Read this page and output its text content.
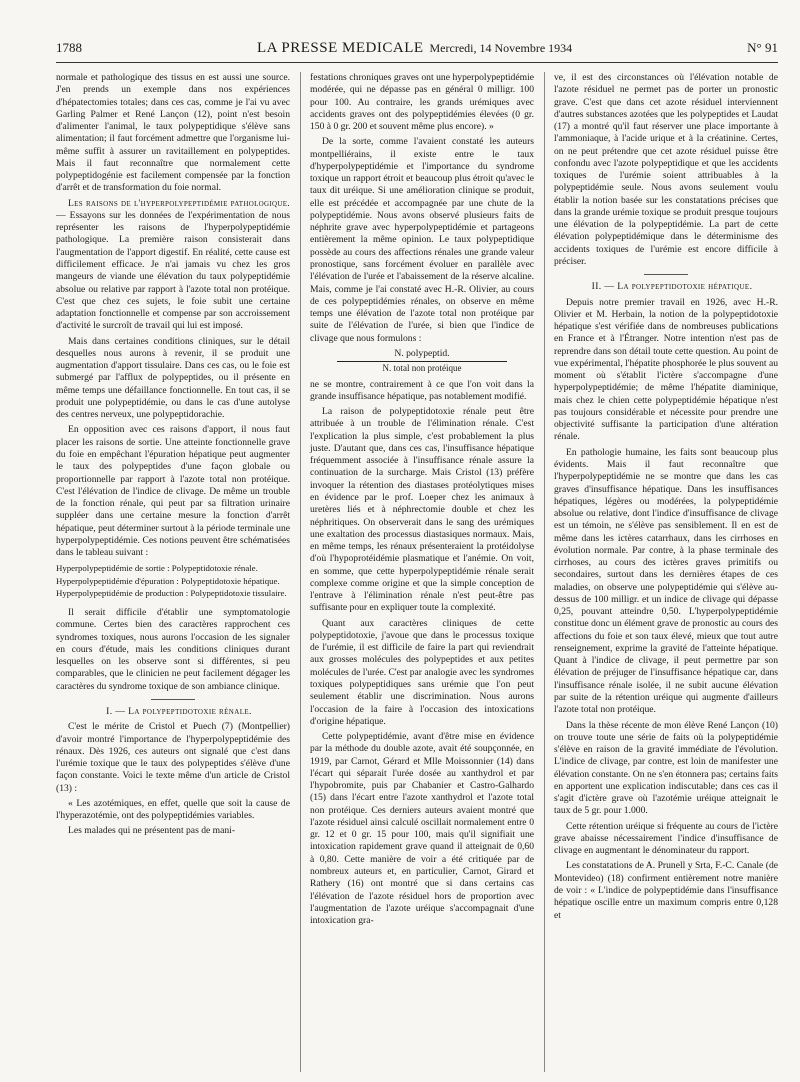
1788	LA PRESSE MEDICALE Mercredi, 14 Novembre 1934	N° 91

normale et pathologique des tissus en est aussi une source. J'en prends un exemple dans nos expériences d'hépatectomies totales; dans ces cas, comme je l'ai vu avec Garling Palmer et René Lançon (12), point n'est besoin d'alimenter l'animal, le taux polypeptidique s'élève sans alimentation; il faut forcément admettre que l'organisme lui-même suffit à assurer un ravitaillement en polypeptides. Mais il faut reconnaître que normalement cette polypeptidogénie est facilement compensée par la fonction d'arrêt et de transformation du foie normal.

Les raisons de l'hyperpolypeptidémie pathologique. — Essayons sur les données de l'expérimentation de nous représenter les raisons de l'hyperpolypeptidémie pathologique. La première raison consisterait dans l'augmentation de l'apport digestif. En réalité, cette cause est difficilement efficace. Je n'ai jamais vu chez les gros mangeurs de viande une élévation du taux polypeptidémie absolue ou relative par rapport à l'azote total non protéique. C'est que chez ces sujets, le foie subit une certaine adaptation fonctionnelle et compense par son accroissement d'activité le surcroît de travail qui lui est imposé.

Mais dans certaines conditions cliniques, sur le détail desquelles nous aurons à revenir, il se produit une augmentation d'apport tissulaire. Dans ces cas, ou le foie est submergé par l'afflux de polypeptides, ou il présente en même temps une défaillance fonctionnelle. En tout cas, il se produit une polypeptidémie, ou dans le cas d'une autolyse des centres nerveux, une polypeptidorachie.

En opposition avec ces raisons d'apport, il nous faut placer les raisons de sortie. Une atteinte fonctionnelle grave du foie en empêchant l'épuration hépatique peut augmenter le taux des polypeptides d'une façon globale ou proportionnelle par rapport à l'azote total non protéique. C'est l'élévation de l'indice de clivage. De même un trouble de la fonction rénale, qui peut par sa filtration urinaire suppléer dans une certaine mesure la fonction d'arrêt hépatique, peut déterminer surtout à la période terminale une hyperpolypeptidémie. Ces notions peuvent être schématisées dans le tableau suivant :

Hyperpolypeptidémie de sortie : Polypeptidotoxie rénale.
Hyperpolypeptidémie d'épuration : Polypeptidotoxie hépatique.
Hyperpolypeptidémie de production : Polypeptidotoxie tissulaire.

Il serait difficile d'établir une symptomatologie commune. Certes bien des caractères rapprochent ces syndromes toxiques, nous aurons l'occasion de les signaler en cours d'étude, mais les conditions cliniques durant lesquelles on les observe sont si différentes, si peu comparables, que le clinicien ne peut facilement dégager les caractères du syndrome toxique de son ambiance clinique.

I. — La polypeptidotoxie rénale.

C'est le mérite de Cristol et Puech (7) (Montpellier) d'avoir montré l'importance de l'hyperpolypeptidémie des rénaux. Dès 1926, ces auteurs ont signalé que c'est dans l'urémie toxique que le taux des polypeptides s'élève d'une façon constante. Voici le texte même d'un article de Cristol (13) :

« Les azotémiques, en effet, quelle que soit la cause de l'hyperazotémie, ont des polypeptidémies variables.

Les malades qui ne présentent pas de mani-

festations chroniques graves ont une hyperpolypeptidémie modérée, qui ne dépasse pas en général 0 milligr. 100 pour 100. Au contraire, les grands urémiques avec accidents graves ont des polypeptidémies élevées (0 gr. 150 à 0 gr. 200 et souvent même plus encore). »

De la sorte, comme l'avaient constaté les auteurs montpelliérains, il existe entre le taux d'hyperpolypeptidémie et l'importance du syndrome toxique un rapport étroit et beaucoup plus étroit qu'avec le taux dit uréique. Si une amélioration clinique se produit, elle est précédée et accompagnée par une chute de la polypeptidémie. Nous avons observé plusieurs faits de néphrite grave avec hyperpolypeptidémie et partageons entièrement la même opinion. Le taux polypeptidique possède au cours des affections rénales une grande valeur pronostique, sans forcément évoluer en parallèle avec l'élévation de l'urée et l'abaissement de la réserve alcaline. Mais, comme je l'ai constaté avec H.-R. Olivier, au cours de ces polypeptidémies rénales, on observe en même temps une élévation de l'azote total non protéique par suite de l'élévation de l'urée, si bien que l'indice de clivage que nous formulons :

N. polypeptid.
N. total non protéique

ne se montre, contrairement à ce que l'on voit dans la grande insuffisance hépatique, pas notablement modifié.

La raison de polypeptidotoxie rénale peut être attribuée à un trouble de l'élimination rénale. C'est l'explication la plus simple, c'est probablement la plus juste. D'autant que, dans ces cas, l'insuffisance hépatique fréquemment associée à l'insuffisance rénale assure la continuation de la surcharge. Mais Cristol (13) préfère invoquer la rétention des diastases protéolytiques mises en évidence par le prof. Loeper chez les animaux à uretères liés et à néphrectomie double et chez les néphritiques. On observerait dans le sang des urémiques une exaltation des processus diastasiques normaux. Mais, en même temps, les rénaux présenteraient la protéidolyse d'où l'hypoprotéidémie plasmatique et l'anémie. On voit, en somme, que cette hyperpolypeptidémie rénale serait complexe comme origine et que la simple conception de l'entrave à l'élimination rénale n'est peut-être pas suffisante pour en expliquer toute la complexité.

Quant aux caractères cliniques de cette polypeptidotoxie, j'avoue que dans le processus toxique de l'urémie, il est difficile de faire la part qui reviendrait aux grosses molécules des polypeptides et aux petites molécules de l'urée. C'est par analogie avec les syndromes toxiques polypeptidiques sans urémie que l'on peut seulement établir une discrimination. Nous aurons l'occasion de la faire à l'occasion des intoxications d'origine hépatique.

Cette polypeptidémie, avant d'être mise en évidence par la méthode du double azote, avait été soupçonnée, en 1919, par Carnot, Gérard et Mlle Moissonnier (14) dans l'écart qui séparait l'urée dosée au xanthydrol et par l'hypobromite, puis par Chabanier et Castro-Galhardo (15) dans l'écart entre l'azote xanthydrol et l'azote total non protéique. Ces derniers auteurs avaient montré que l'azote résiduel ainsi calculé oscillait normalement entre 0 gr. 12 et 0 gr. 15 pour 100, mais qu'il signifiait une intoxication rapidement grave quand il atteignait de 0,60 à 0,80. Cette manière de voir a été critiquée par de nombreux auteurs et, en particulier, Carnot, Girard et Rathery (16) ont montré que si dans certains cas l'élévation de l'azote résiduel hors de proportion avec l'augmentation de l'azote uréique s'accompagnait d'une intoxication gra-

ve, il est des circonstances où l'élévation notable de l'azote résiduel ne permet pas de porter un pronostic grave. C'est que dans cet azote résiduel interviennent d'autres substances azotées que les polypeptides et Laudat (17) a montré qu'il faut réserver une place importante à l'ammoniaque, à l'acide urique et à la créatinine. Certes, on ne peut prétendre que cet azote résiduel puisse être confondu avec l'azote polypeptidique et que les accidents toxiques de l'urémie soient attribuables à la polypeptidémie seule. Nous avons seulement voulu établir la notion basée sur les constatations précises que dans la grande urémie toxique se produit presque toujours une élévation de la polypeptidémie. La part de cette élévation polypeptidémique dans le déterminisme des accidents toxiques de l'urémie est encore difficile à préciser.

II. — La polypeptidotoxie hépatique.

Depuis notre premier travail en 1926, avec H.-R. Olivier et M. Herbain, la notion de la polypeptidotoxie hépatique s'est vérifiée dans de nombreuses publications en France et à l'Étranger. Notre intention n'est pas de reprendre dans son détail toute cette question. Au point de vue expérimental, l'hépatite phosphorée le plus souvent au moment où s'établit l'ictère s'accompagne d'une hyperpolypeptidémie; de même l'hépatite diaminique, mais chez le chien cette polypeptidémie hépatique n'est pas toujours considérable et nécessite pour prendre une objectivité suffisante la participation d'une altération rénale.

En pathologie humaine, les faits sont beaucoup plus évidents. Mais il faut reconnaître que l'hyperpolypeptidémie ne se montre que dans les cas graves d'insuffisance hépatique. Dans les insuffisances hépatiques, légères ou modérées, la polypeptidémie absolue ou relative, dont l'indice d'insuffisance de clivage est un témoin, ne s'élève pas sensiblement. Il en est de même dans les ictères catarrhaux, dans les cirrhoses en évolution normale. Par contre, à la phase terminale des cirrhoses, au cours des ictères graves primitifs ou secondaires, surtout dans les dernières étapes de ces maladies, on observe une polypeptidémie qui s'élève au-dessus de 100 milligr. et un indice de clivage qui dépasse 0,25, pouvant atteindre 0,50. L'hyperpolypeptidémie constitue donc un élément grave de pronostic au cours des affections du foie et son taux élevé, mieux que tout autre renseignement, exprime la gravité de l'atteinte hépatique. Quant à l'indice de clivage, il peut permettre par son élévation de préjuger de l'insuffisance hépatique car, dans l'insuffisance rénale isolée, il ne subit aucune élévation par suite de la rétention uréique qui augmente d'ailleurs l'azote total non protéique.

Dans la thèse récente de mon élève René Lançon (10) on trouve toute une série de faits où la polypeptidémie s'élève en raison de la gravité immédiate de l'évolution. L'indice de clivage, par contre, est loin de manifester une élévation constante. On ne s'en étonnera pas; certains faits en apportent une explication indiscutable; dans ces cas il s'agit d'ictère grave où l'azotémie uréique atteignait le taux de 5 gr. pour 1.000.

Cette rétention uréique si fréquente au cours de l'ictère grave abaisse nécessairement l'indice d'insuffisance de clivage en augmentant le dénominateur du rapport.

Les constatations de A. Prunell y Srta, F.-C. Canale (de Montevideo) (18) confirment entièrement notre manière de voir : « L'indice de polypeptidémie dans l'insuffisance hépatique oscille entre un maximum compris entre 0,128 et
